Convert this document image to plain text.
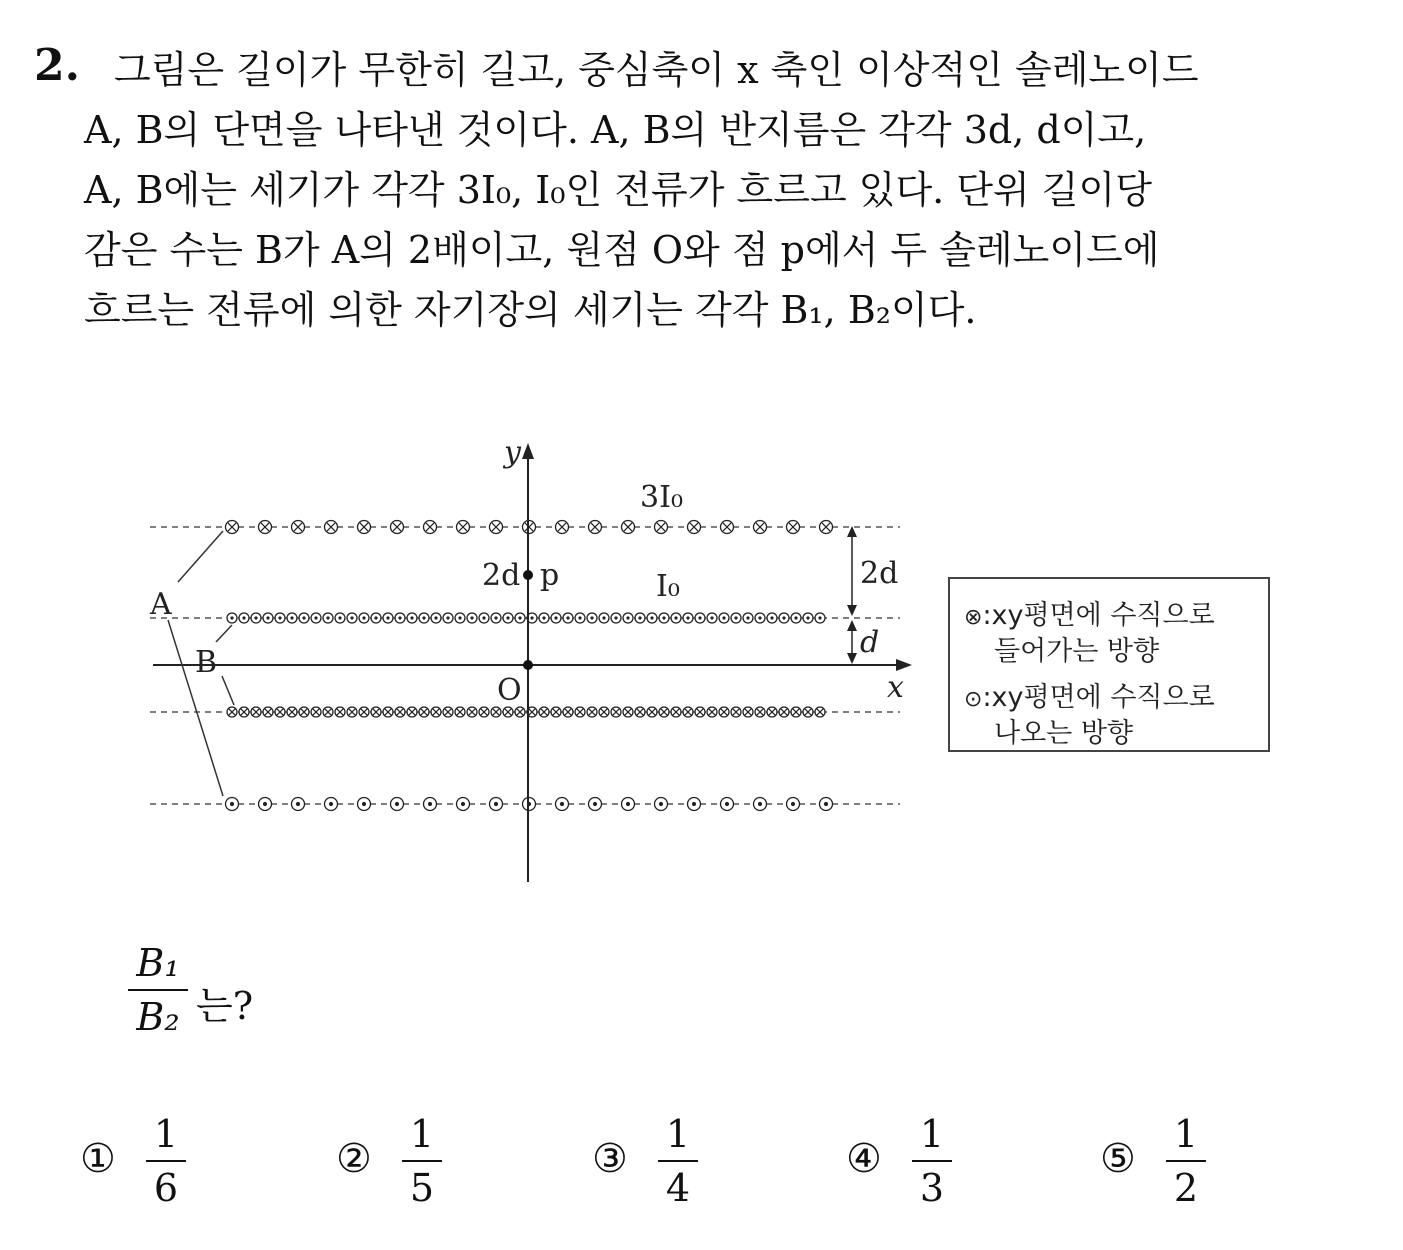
2. 그림은 길이가 무한히 길고, 중심축이 x 축인 이상적인 솔레노이드
A, B의 단면을 나타낸 것이다. A, B의 반지름은 각각 3d, d이고,
A, B에는 세기가 각각 3I₀, I₀인 전류가 흐르고 있다. 단위 길이당
감은 수는 B가 A의 2배이고, 원점 O와 점 p에서 두 솔레노이드에
흐르는 전류에 의한 자기장의 세기는 각각 B₁, B₂이다.
y
x
O
p
2d
3I₀
I₀
A
B
2d
d
⊗:xy평면에 수직으로
들어가는 방향
⊙:xy평면에 수직으로
나오는 방향
B₁
B₂ 는?
①
1
6
②
1
5
③
1
4
④
1
3
⑤
1
2
